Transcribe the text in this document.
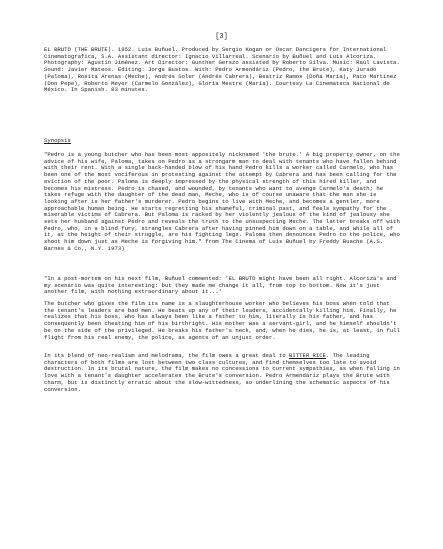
[3]

EL BRUTO (THE BRUTE). 1952. Luis Buñuel. Produced by Sergio Kogan or Oscar Dancigers for International Cinematografica, S.A. Assistant director: Ignacio Villarreal. Scenario by Buñuel and Luis Alcoriza. Photography: Agustín Jiménez. Art Director: Gunther Gerszo assisted by Roberto Silva. Music: Raúl Lavista. Sound: Javier Mateos. Editing: Jorge Bustos. With: Pedro Armendáriz (Pedro, the Brute), Katy Jurado (Paloma), Rosita Arenas (Meche), Andrés Soler (Andrés Cabrera), Beatriz Ramos (Doña María), Paco Martínez (Don Pepe), Roberto Meyer (Carmelo González), Gloria Mestre (María). Courtesy La Cinemateca Nacional de México. In Spanish. 83 minutes.

Synopsis

"Pedro is a young butcher who has been most appositely nicknamed 'the brute.' A big property owner, on the advice of his wife, Paloma, takes on Pedro as a strongarm man to deal with tenants who have fallen behind with their rent. With a single back-handed blow of his hand Pedro kills a worker called Carmelo, who has been one of the most vociferous in protesting against the attempt by Cabrera and has been calling for the eviction of the poor. Paloma is deeply impressed by the physical strength of this hired killer, and becomes his mistress. Pedro is chased, and wounded, by tenants who want to avenge Carmelo's death; he takes refuge with the daughter of the dead man, Meche, who is of course unaware that the man she is looking after is her father's murderer. Pedro begins to live with Meche, and becomes a gentler, more approachable human being. He starts regretting his shameful, criminal past, and feels sympathy for the miserable victims of Cabrera. But Paloma is racked by her violently jealous of the kind of jealousy she sets her husband against Pedro and reveals the truth to the unsuspecting Meche. The latter breaks off with Pedro, who, in a blind fury, strangles Cabrera after having pinned him down on a table, and while all of it, at the height of their struggle, are his fighting legs. Paloma then denounces Pedro to the police, who shoot him down just as Meche is forgiving him." from The Cinema of Luis Buñuel by Freddy Buache (A.S. Barnes & Co., N.Y. 1973)

"In a post-mortem on his next film, Buñuel commented: 'EL BRUTO might have been all right. Alcoriza's and my scenario was quite interesting: but they made me change it all, from top to bottom. Now it's just another film, with nothing extraordinary about it...'

The butcher who gives the film its name is a slaughterhouse worker who believes his boss when told that the tenant's leaders are bad men. He beats up any of their leaders, accidentally killing him. Finally, he realizes that his boss, who has always been like a father to him, literally is his father, and has consequently been cheating him of his birthright. His mother was a servant-girl, and he himself shouldn't be on the side of the privileged. He breaks his father's neck, and, when he dies, he is, at least, in full flight from his real enemy, the police, as agents of an unjust order.

In its blend of neo-realism and melodrama, the film owes a great deal to BITTER RICE. The leading characters of both films are lost between two class cultures, and find themselves too late to avoid destruction. In its brutal nature, the film makes no concessions to current sympathies, as when falling in love with a tenant's daughter accelerates the Brute's conversion. Pedro Armendáriz plays the Brute with charm, but is distinctly erratic about the slow-wittedness, so underlining the schematic aspects of his conversion.
